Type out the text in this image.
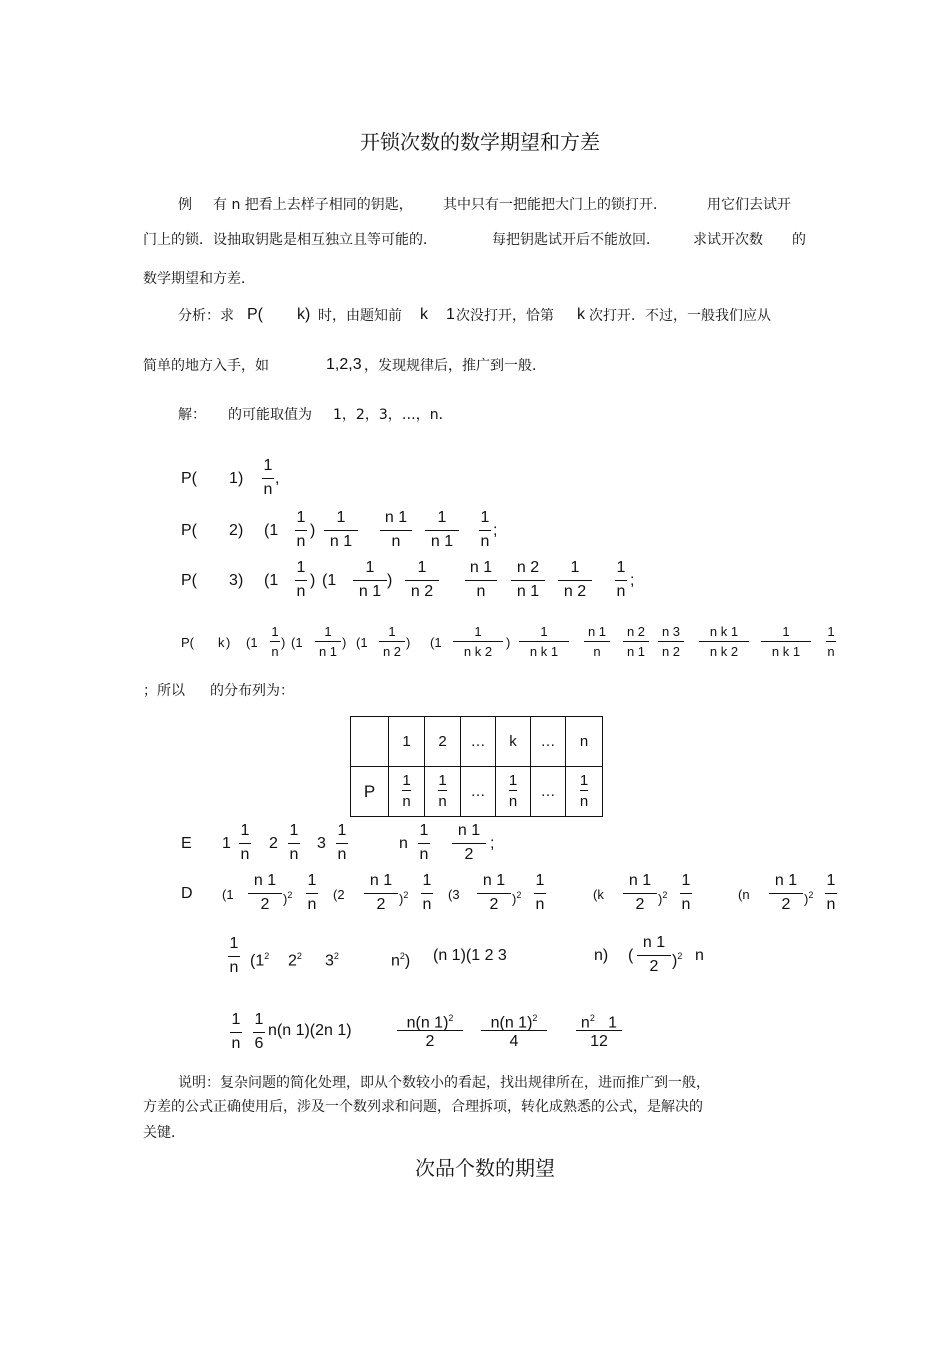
开锁次数的数学期望和方差
例 有 n 把看上去样子相同的钥匙， 其中只有一把能把大门上的锁打开．	用它们去试开
门上的锁．设抽取钥匙是相互独立且等可能的．	每把钥匙试开后不能放回． 求试开次数 的
数学期望和方差．
分析：求 P( k) 时，由题知前 k 1 次没打开，恰第 k 次打开．不过，一般我们应从
简单的地方入手，如	1,2,3 ，发现规律后，推广到一般．
解： 的可能取值为 1，2，3，…，n．
P( 1 )
1
n
,
P( 2 ) (1
1
n
)
1
n 1
n 1
n
1
n 1
1
n
;
P( 3 ) (1
1
n
) (1
1
n 1
)
1
n 2
n 1
n
n 2
n 1
1
n 2
1
n
;
P( k ) (1
1
n
) (1
1
n 1
) (1
1
n 2
) (1
1
n k 2
)
1
n k 1
n 1
n
n 2
n 1
n 3
n 2
n k 1
n k 2
1
n k 1
1
n
；所以 的分布列为：
	1	2	…	k	…	n
P	$\frac{1}{n}$	$\frac{1}{n}$	…	$\frac{1}{n}$	…	$\frac{1}{n}$
E 1
1
n
2
1
n
3
1
n
n
1
n
n 1
2
;
D (1
n 1
2 )$^2$
1
n
(2
n 1
2 )$^2$
1
n
(3
n 1
2 )$^2$
1
n
(k
n 1
2 )$^2$
1
n
(n
n 1
2 )$^2$
1
n
1
n ($1^2$ $2^2$ $3^2$	$n^2$) (n 1)(1 2 3	n) (
n 1
2 )$^2$ n
1
n
1
6
n(n 1)(2n 1)	n(n 1)$^2$
2
n(n 1)$^2$
4
$n^2$ 1
12
说明：复杂问题的简化处理，即从个数较小的看起，找出规律所在，进而推广到一般，
方差的公式正确使用后，涉及一个数列求和问题，合理拆项，转化成熟悉的公式，是解决的
关键．
次品个数的期望
